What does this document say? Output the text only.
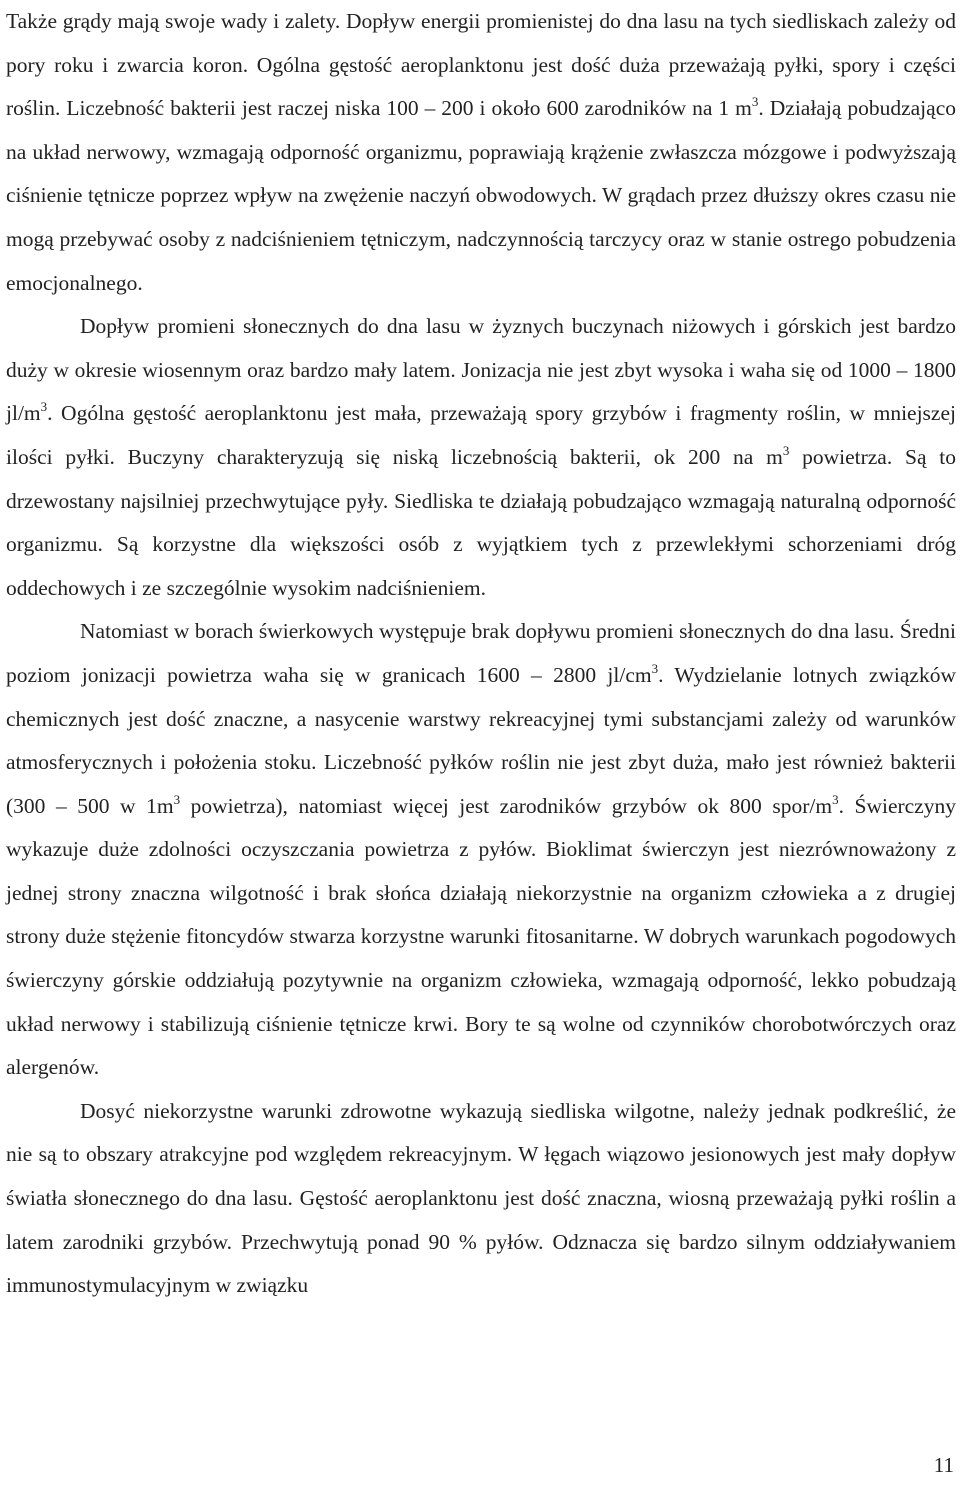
Także grądy mają swoje wady i zalety. Dopływ energii promienistej do dna lasu na tych siedliskach zależy od pory roku i zwarcia koron. Ogólna gęstość aeroplanktonu jest dość duża przeważają pyłki, spory i części roślin. Liczebność bakterii jest raczej niska 100 – 200 i około 600 zarodników na 1 $m^3$. Działają pobudzająco na układ nerwowy, wzmagają odporność organizmu, poprawiają krążenie zwłaszcza mózgowe i podwyższają ciśnienie tętnicze poprzez wpływ na zwężenie naczyń obwodowych. W grądach przez dłuższy okres czasu nie mogą przebywać osoby z nadciśnieniem tętniczym, nadczynnością tarczycy oraz w stanie ostrego pobudzenia emocjonalnego.

Dopływ promieni słonecznych do dna lasu w żyznych buczynach niżowych i górskich jest bardzo duży w okresie wiosennym oraz bardzo mały latem. Jonizacja nie jest zbyt wysoka i waha się od 1000 – 1800 $jl/m^3$. Ogólna gęstość aeroplanktonu jest mała, przeważają spory grzybów i fragmenty roślin, w mniejszej ilości pyłki. Buczyny charakteryzują się niską liczebnością bakterii, ok 200 na $m^3$ powietrza. Są to drzewostany najsilniej przechwytujące pyły. Siedliska te działają pobudzająco wzmagają naturalną odporność organizmu. Są korzystne dla większości osób z wyjątkiem tych z przewlekłymi schorzeniami dróg oddechowych i ze szczególnie wysokim nadciśnieniem.

Natomiast w borach świerkowych występuje brak dopływu promieni słonecznych do dna lasu. Średni poziom jonizacji powietrza waha się w granicach 1600 – 2800 $jl/cm^3$. Wydzielanie lotnych związków chemicznych jest dość znaczne, a nasycenie warstwy rekreacyjnej tymi substancjami zależy od warunków atmosferycznych i położenia stoku. Liczebność pyłków roślin nie jest zbyt duża, mało jest również bakterii (300 – 500 w $1m^3$ powietrza), natomiast więcej jest zarodników grzybów ok 800 spor/$m^3$. Świerczyny wykazuje duże zdolności oczyszczania powietrza z pyłów. Bioklimat świerczyn jest niezrównoważony z jednej strony znaczna wilgotność i brak słońca działają niekorzystnie na organizm człowieka a z drugiej strony duże stężenie fitoncydów stwarza korzystne warunki fitosanitarne. W dobrych warunkach pogodowych świerczyny górskie oddziałują pozytywnie na organizm człowieka, wzmagają odporność, lekko pobudzają układ nerwowy i stabilizują ciśnienie tętnicze krwi. Bory te są wolne od czynników chorobotwórczych oraz alergenów.

Dosyć niekorzystne warunki zdrowotne wykazują siedliska wilgotne, należy jednak podkreślić, że nie są to obszary atrakcyjne pod względem rekreacyjnym. W łęgach wiązowo jesionowych jest mały dopływ światła słonecznego do dna lasu. Gęstość aeroplanktonu jest dość znaczna, wiosną przeważają pyłki roślin a latem zarodniki grzybów. Przechwytują ponad 90 % pyłów. Odznacza się bardzo silnym oddziaływaniem immunostymulacyjnym w związku

11
